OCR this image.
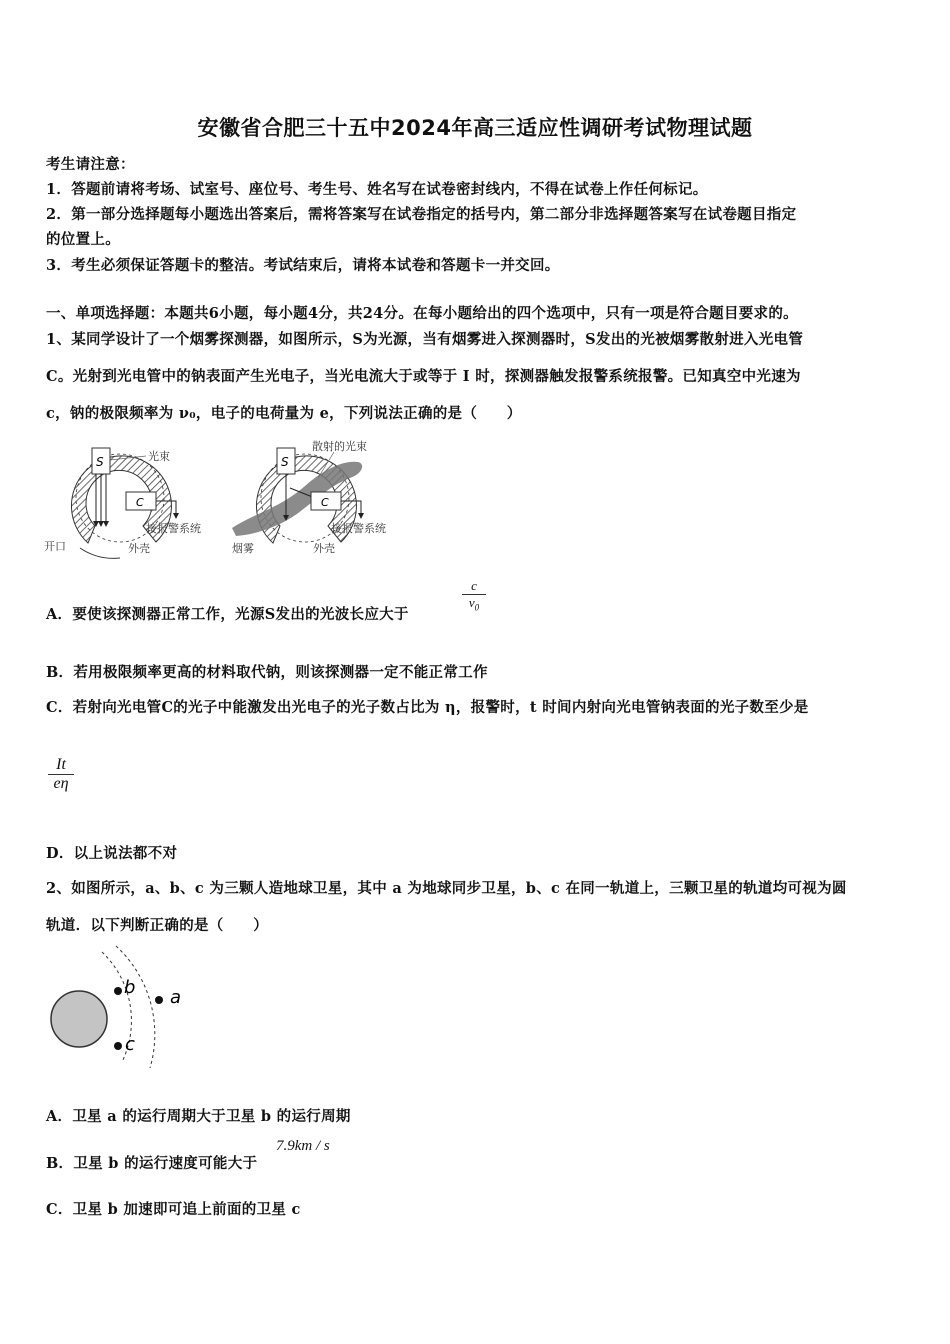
安徽省合肥三十五中2024年高三适应性调研考试物理试题
考生请注意：
1．答题前请将考场、试室号、座位号、考生号、姓名写在试卷密封线内，不得在试卷上作任何标记。
2．第一部分选择题每小题选出答案后，需将答案写在试卷指定的括号内，第二部分非选择题答案写在试卷题目指定
的位置上。
3．考生必须保证答题卡的整洁。考试结束后，请将本试卷和答题卡一并交回。
一、单项选择题：本题共6小题，每小题4分，共24分。在每小题给出的四个选项中，只有一项是符合题目要求的。
1、某同学设计了一个烟雾探测器，如图所示，S为光源，当有烟雾进入探测器时，S发出的光被烟雾散射进入光电管
C。光射到光电管中的钠表面产生光电子，当光电流大于或等于 I 时，探测器触发报警系统报警。已知真空中光速为
c，钠的极限频率为 ν₀，电子的电荷量为 e，下列说法正确的是（　　）
S
C
光束
接报警系统
开口	外壳
S
C
散射的光束
接报警系统
烟雾	外壳
A．要使该探测器正常工作，光源S发出的光波长应大于
c
$v_0$
B．若用极限频率更高的材料取代钠，则该探测器一定不能正常工作
C．若射向光电管C的光子中能激发出光电子的光子数占比为 η，报警时，t 时间内射向光电管钠表面的光子数至少是
It
eη
D．以上说法都不对
2、如图所示，a、b、c 为三颗人造地球卫星，其中 a 为地球同步卫星，b、c 在同一轨道上，三颗卫星的轨道均可视为圆
轨道．以下判断正确的是（　　）
b a
c
A．卫星 a 的运行周期大于卫星 b 的运行周期
B．卫星 b 的运行速度可能大于
7.9km / s
C．卫星 b 加速即可追上前面的卫星 c
